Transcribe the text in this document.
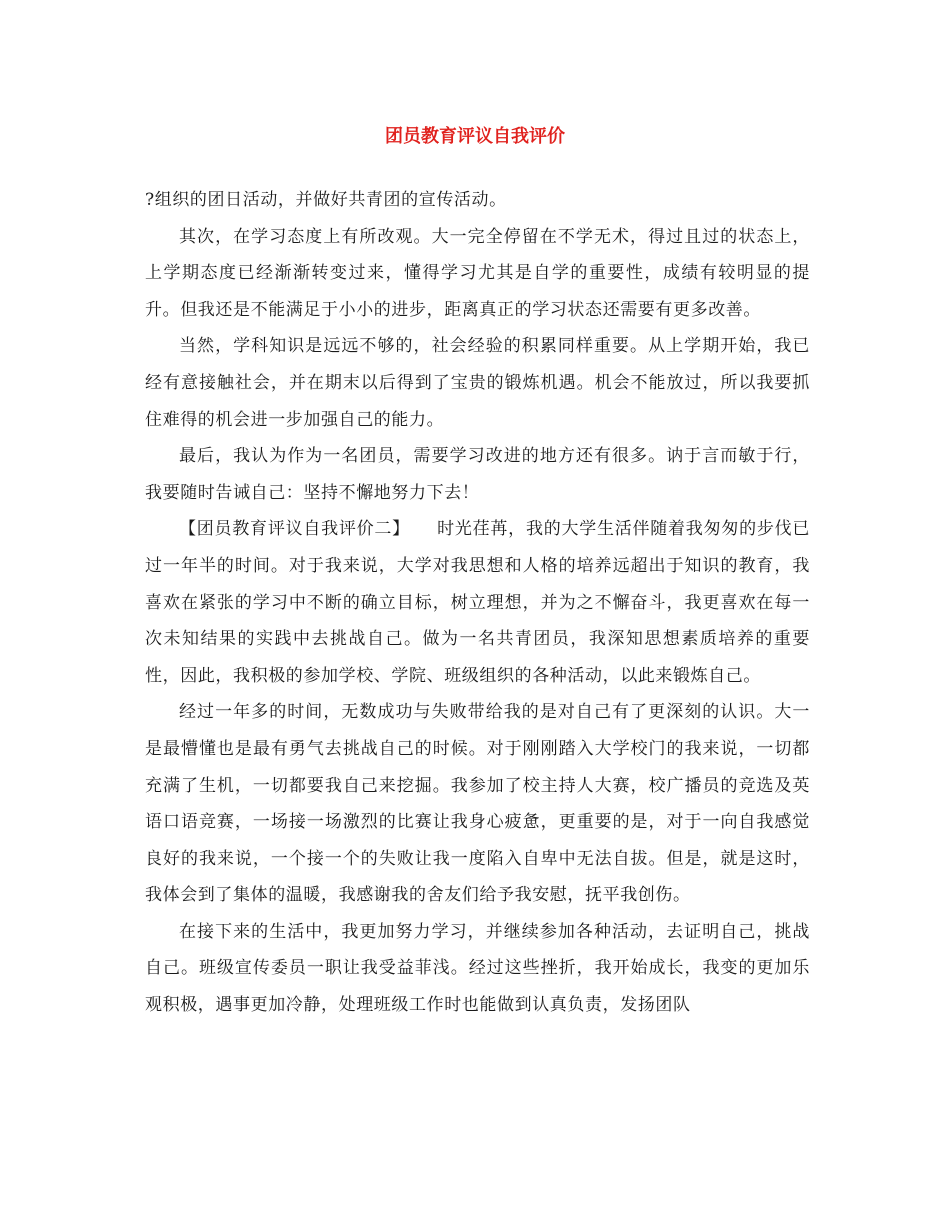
团员教育评议自我评价

?组织的团日活动，并做好共青团的宣传活动。

其次，在学习态度上有所改观。大一完全停留在不学无术，得过且过的状态上，上学期态度已经渐渐转变过来，懂得学习尤其是自学的重要性，成绩有较明显的提升。但我还是不能满足于小小的进步，距离真正的学习状态还需要有更多改善。

当然，学科知识是远远不够的，社会经验的积累同样重要。从上学期开始，我已经有意接触社会，并在期末以后得到了宝贵的锻炼机遇。机会不能放过，所以我要抓住难得的机会进一步加强自己的能力。

最后，我认为作为一名团员，需要学习改进的地方还有很多。讷于言而敏于行，我要随时告诫自己：坚持不懈地努力下去！

【团员教育评议自我评价二】 时光荏苒，我的大学生活伴随着我匆匆的步伐已过一年半的时间。对于我来说，大学对我思想和人格的培养远超出于知识的教育，我喜欢在紧张的学习中不断的确立目标，树立理想，并为之不懈奋斗，我更喜欢在每一次未知结果的实践中去挑战自己。做为一名共青团员，我深知思想素质培养的重要性，因此，我积极的参加学校、学院、班级组织的各种活动，以此来锻炼自己。

经过一年多的时间，无数成功与失败带给我的是对自己有了更深刻的认识。大一是最懵懂也是最有勇气去挑战自己的时候。对于刚刚踏入大学校门的我来说，一切都充满了生机，一切都要我自己来挖掘。我参加了校主持人大赛，校广播员的竞选及英语口语竞赛，一场接一场激烈的比赛让我身心疲惫，更重要的是，对于一向自我感觉良好的我来说，一个接一个的失败让我一度陷入自卑中无法自拔。但是，就是这时，我体会到了集体的温暖，我感谢我的舍友们给予我安慰，抚平我创伤。

在接下来的生活中，我更加努力学习，并继续参加各种活动，去证明自己，挑战自己。班级宣传委员一职让我受益菲浅。经过这些挫折，我开始成长，我变的更加乐观积极，遇事更加冷静，处理班级工作时也能做到认真负责，发扬团队
